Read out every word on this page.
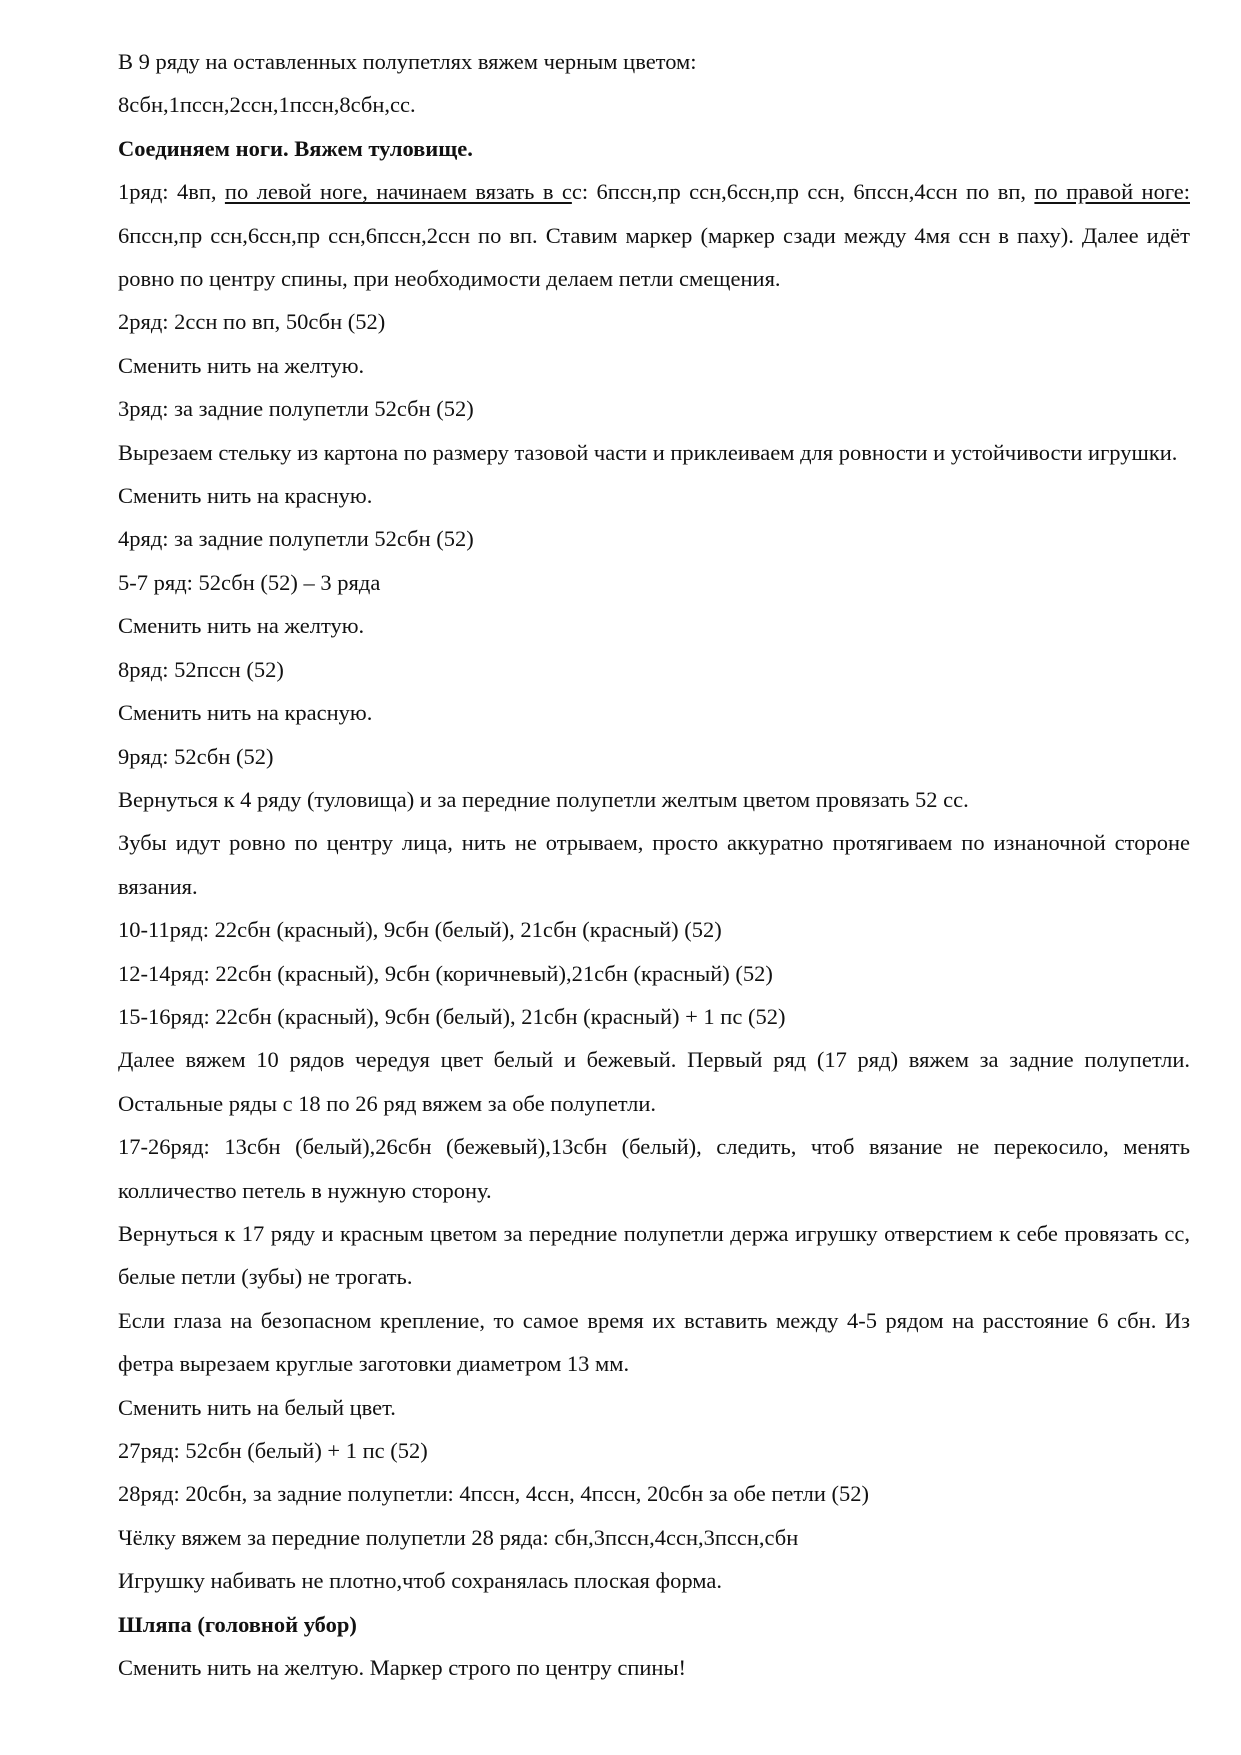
В 9 ряду на оставленных полупетлях вяжем черным цветом:

8сбн,1пссн,2ссн,1пссн,8сбн,сс.

Соединяем ноги. Вяжем туловище.

1ряд: 4вп, по левой ноге, начинаем вязать в сс: 6пссн,пр ссн,6ссн,пр ссн, 6пссн,4ссн по вп, по правой ноге: 6пссн,пр ссн,6ссн,пр ссн,6пссн,2ссн по вп. Ставим маркер (маркер сзади между 4мя ссн в паху). Далее идёт ровно по центру спины, при необходимости делаем петли смещения.

2ряд: 2ссн по вп, 50сбн (52)

Сменить нить на желтую.

3ряд: за задние полупетли 52сбн (52)

Вырезаем стельку из картона по размеру тазовой части и приклеиваем для ровности и устойчивости игрушки.

Сменить нить на красную.

4ряд: за задние полупетли 52сбн (52)

5-7 ряд: 52сбн (52) – 3 ряда

Сменить нить на желтую.

8ряд: 52пссн (52)

Сменить нить на красную.

9ряд: 52сбн (52)

Вернуться к 4 ряду (туловища) и за передние полупетли желтым цветом провязать 52 сс.

Зубы идут ровно по центру лица, нить не отрываем, просто аккуратно протягиваем по изнаночной стороне вязания.

10-11ряд: 22сбн (красный), 9сбн (белый), 21сбн (красный) (52)

12-14ряд: 22сбн (красный), 9сбн (коричневый),21сбн (красный) (52)

15-16ряд: 22сбн (красный), 9сбн (белый), 21сбн (красный) + 1 пс (52)

Далее вяжем 10 рядов чередуя цвет белый и бежевый. Первый ряд (17 ряд) вяжем за задние полупетли. Остальные ряды с 18 по 26 ряд вяжем за обе полупетли.

17-26ряд: 13сбн (белый),26сбн (бежевый),13сбн (белый), следить, чтоб вязание не перекосило, менять колличество петель в нужную сторону.

Вернуться к 17 ряду и красным цветом за передние полупетли держа игрушку отверстием к себе провязать сс, белые петли (зубы) не трогать.

Если глаза на безопасном крепление, то самое время их вставить между 4-5 рядом на расстояние 6 сбн. Из фетра вырезаем круглые заготовки диаметром 13 мм.

Сменить нить на белый цвет.

27ряд: 52сбн (белый) + 1 пс (52)

28ряд: 20сбн, за задние полупетли: 4пссн, 4ссн, 4пссн, 20сбн за обе петли (52)

Чёлку вяжем за передние полупетли 28 ряда: сбн,3пссн,4ссн,3пссн,сбн

Игрушку набивать не плотно,чтоб сохранялась плоская форма.

Шляпа (головной убор)

Сменить нить на желтую. Маркер строго по центру спины!
